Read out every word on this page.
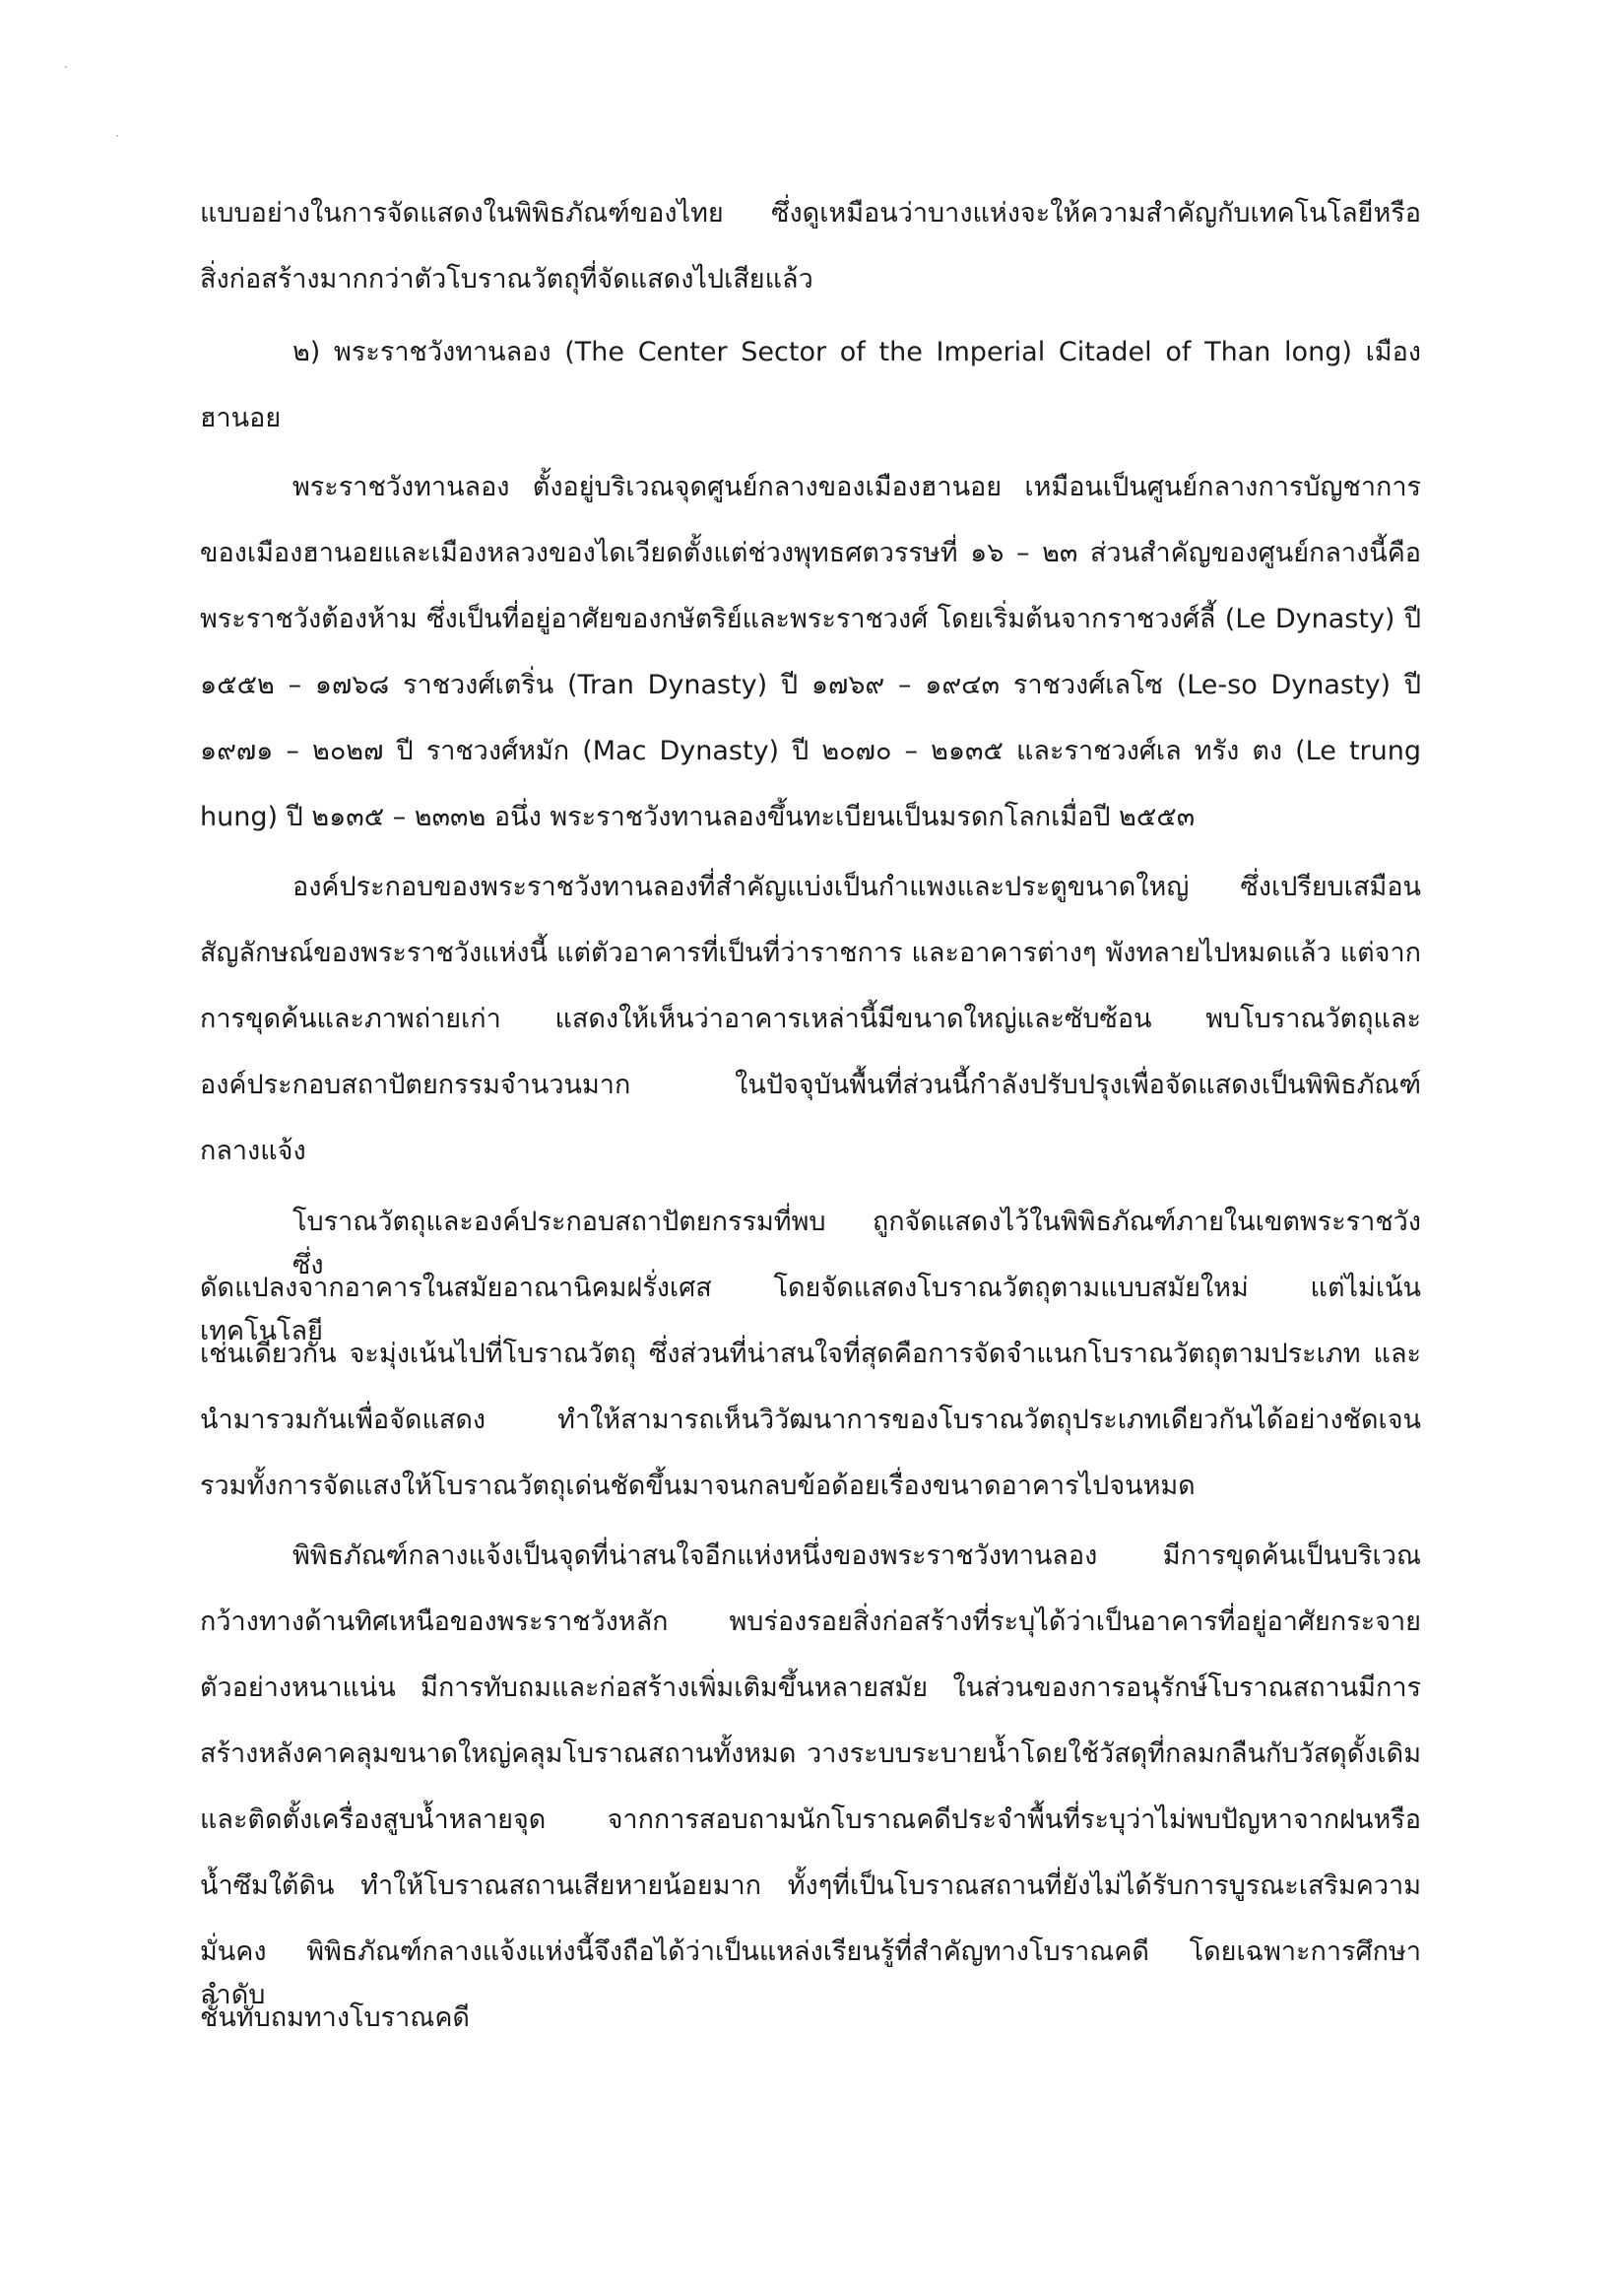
แบบอย่างในการจัดแสดงในพิพิธภัณฑ์ของไทย ซึ่งดูเหมือนว่าบางแห่งจะให้ความสำคัญกับเทคโนโลยีหรือ
สิ่งก่อสร้างมากกว่าตัวโบราณวัตถุที่จัดแสดงไปเสียแล้ว
๒) พระราชวังทานลอง (The Center Sector of the Imperial Citadel of Than long) เมือง
ฮานอย
พระราชวังทานลอง ตั้งอยู่บริเวณจุดศูนย์กลางของเมืองฮานอย เหมือนเป็นศูนย์กลางการบัญชาการ
ของเมืองฮานอยและเมืองหลวงของไดเวียดตั้งแต่ช่วงพุทธศตวรรษที่ ๑๖ – ๒๓ ส่วนสำคัญของศูนย์กลางนี้คือ
พระราชวังต้องห้าม ซึ่งเป็นที่อยู่อาศัยของกษัตริย์และพระราชวงศ์ โดยเริ่มต้นจากราชวงศ์ลี้ (Le Dynasty) ปี
๑๕๕๒ – ๑๗๖๘ ราชวงศ์เตริ่น (Tran Dynasty) ปี ๑๗๖๙ – ๑๙๔๓ ราชวงศ์เลโซ (Le-so Dynasty) ปี
๑๙๗๑ – ๒๐๒๗ ปี ราชวงศ์หมัก (Mac Dynasty) ปี ๒๐๗๐ – ๒๑๓๕ และราชวงศ์เล ทรัง ตง (Le trung
hung) ปี ๒๑๓๕ – ๒๓๓๒ อนึ่ง พระราชวังทานลองขึ้นทะเบียนเป็นมรดกโลกเมื่อปี ๒๕๕๓
องค์ประกอบของพระราชวังทานลองที่สำคัญแบ่งเป็นกำแพงและประตูขนาดใหญ่ ซึ่งเปรียบเสมือน
สัญลักษณ์ของพระราชวังแห่งนี้ แต่ตัวอาคารที่เป็นที่ว่าราชการ และอาคารต่างๆ พังทลายไปหมดแล้ว แต่จาก
การขุดค้นและภาพถ่ายเก่า แสดงให้เห็นว่าอาคารเหล่านี้มีขนาดใหญ่และซับซ้อน พบโบราณวัตถุและ
องค์ประกอบสถาปัตยกรรมจำนวนมาก ในปัจจุบันพื้นที่ส่วนนี้กำลังปรับปรุงเพื่อจัดแสดงเป็นพิพิธภัณฑ์
กลางแจ้ง
โบราณวัตถุและองค์ประกอบสถาปัตยกรรมที่พบ ถูกจัดแสดงไว้ในพิพิธภัณฑ์ภายในเขตพระราชวัง ซึ่ง
ดัดแปลงจากอาคารในสมัยอาณานิคมฝรั่งเศส โดยจัดแสดงโบราณวัตถุตามแบบสมัยใหม่ แต่ไม่เน้นเทคโนโลยี
เช่นเดียวกัน จะมุ่งเน้นไปที่โบราณวัตถุ ซึ่งส่วนที่น่าสนใจที่สุดคือการจัดจำแนกโบราณวัตถุตามประเภท และ
นำมารวมกันเพื่อจัดแสดง ทำให้สามารถเห็นวิวัฒนาการของโบราณวัตถุประเภทเดียวกันได้อย่างชัดเจน
รวมทั้งการจัดแสงให้โบราณวัตถุเด่นชัดขึ้นมาจนกลบข้อด้อยเรื่องขนาดอาคารไปจนหมด
พิพิธภัณฑ์กลางแจ้งเป็นจุดที่น่าสนใจอีกแห่งหนึ่งของพระราชวังทานลอง มีการขุดค้นเป็นบริเวณ
กว้างทางด้านทิศเหนือของพระราชวังหลัก พบร่องรอยสิ่งก่อสร้างที่ระบุได้ว่าเป็นอาคารที่อยู่อาศัยกระจาย
ตัวอย่างหนาแน่น มีการทับถมและก่อสร้างเพิ่มเติมขึ้นหลายสมัย ในส่วนของการอนุรักษ์โบราณสถานมีการ
สร้างหลังคาคลุมขนาดใหญ่คลุมโบราณสถานทั้งหมด วางระบบระบายน้ำโดยใช้วัสดุที่กลมกลืนกับวัสดุดั้งเดิม
และติดตั้งเครื่องสูบน้ำหลายจุด จากการสอบถามนักโบราณคดีประจำพื้นที่ระบุว่าไม่พบปัญหาจากฝนหรือ
น้ำซึมใต้ดิน ทำให้โบราณสถานเสียหายน้อยมาก ทั้งๆที่เป็นโบราณสถานที่ยังไม่ได้รับการบูรณะเสริมความ
มั่นคง พิพิธภัณฑ์กลางแจ้งแห่งนี้จึงถือได้ว่าเป็นแหล่งเรียนรู้ที่สำคัญทางโบราณคดี โดยเฉพาะการศึกษาลำดับ
ชั้นทับถมทางโบราณคดี
